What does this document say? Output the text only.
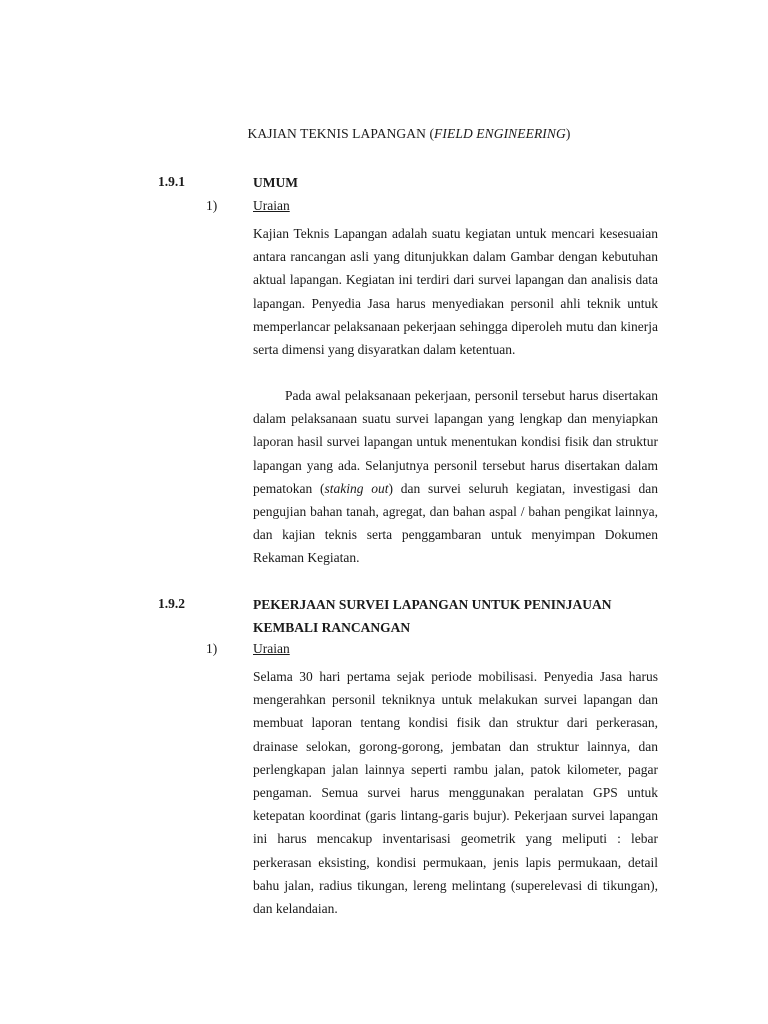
KAJIAN TEKNIS LAPANGAN (FIELD ENGINEERING)
1.9.1	UMUM
1)	Uraian

Kajian Teknis Lapangan adalah suatu kegiatan untuk mencari kesesuaian antara rancangan asli yang ditunjukkan dalam Gambar dengan kebutuhan aktual lapangan. Kegiatan ini terdiri dari survei lapangan dan analisis data lapangan. Penyedia Jasa harus menyediakan personil ahli teknik untuk memperlancar pelaksanaan pekerjaan sehingga diperoleh mutu dan kinerja serta dimensi yang disyaratkan dalam ketentuan.

Pada awal pelaksanaan pekerjaan, personil tersebut harus disertakan dalam pelaksanaan suatu survei lapangan yang lengkap dan menyiapkan laporan hasil survei lapangan untuk menentukan kondisi fisik dan struktur lapangan yang ada. Selanjutnya personil tersebut harus disertakan dalam pematokan (staking out) dan survei seluruh kegiatan, investigasi dan pengujian bahan tanah, agregat, dan bahan aspal / bahan pengikat lainnya, dan kajian teknis serta penggambaran untuk menyimpan Dokumen Rekaman Kegiatan.

1.9.2	PEKERJAAN SURVEI LAPANGAN UNTUK PENINJAUAN KEMBALI RANCANGAN
1)	Uraian

Selama 30 hari pertama sejak periode mobilisasi. Penyedia Jasa harus mengerahkan personil tekniknya untuk melakukan survei lapangan dan membuat laporan tentang kondisi fisik dan struktur dari perkerasan, drainase selokan, gorong-gorong, jembatan dan struktur lainnya, dan perlengkapan jalan lainnya seperti rambu jalan, patok kilometer, pagar pengaman. Semua survei harus menggunakan peralatan GPS untuk ketepatan koordinat (garis lintang-garis bujur). Pekerjaan survei lapangan ini harus mencakup inventarisasi geometrik yang meliputi : lebar perkerasan eksisting, kondisi permukaan, jenis lapis permukaan, detail bahu jalan, radius tikungan, lereng melintang (superelevasi di tikungan), dan kelandaian.
